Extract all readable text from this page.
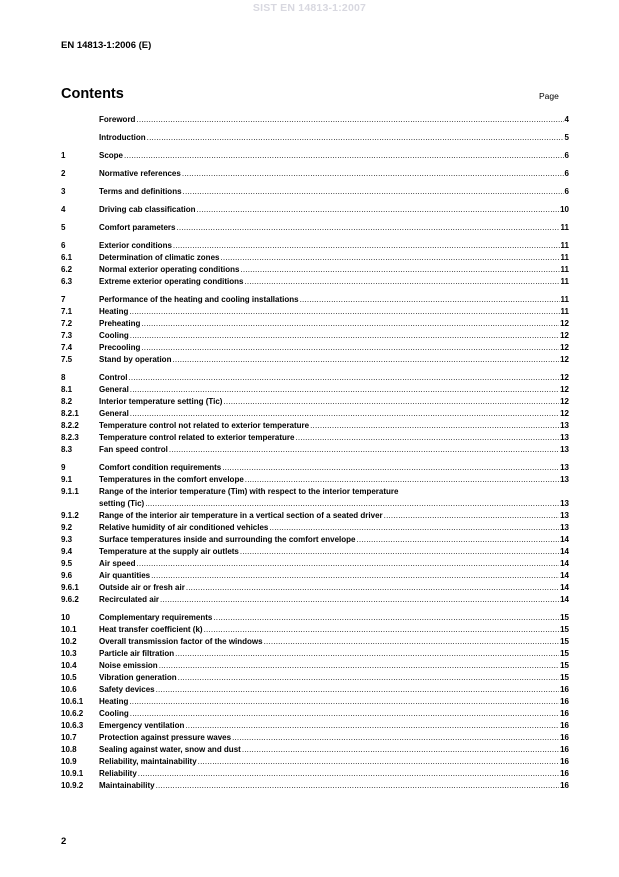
SIST EN 14813-1:2007
EN 14813-1:2006 (E)
Contents	Page
Foreword .....	4
Introduction .....	5
1	Scope .....	6
2	Normative references .....	6
3	Terms and definitions .....	6
4	Driving cab classification .....	10
5	Comfort parameters .....	11
6	Exterior conditions .....	11
6.1	Determination of climatic zones .....	11
6.2	Normal exterior operating conditions .....	11
6.3	Extreme exterior operating conditions .....	11
7	Performance of the heating and cooling installations .....	11
7.1	Heating .....	11
7.2	Preheating .....	12
7.3	Cooling .....	12
7.4	Precooling .....	12
7.5	Stand by operation .....	12
8	Control .....	12
8.1	General .....	12
8.2	Interior temperature setting (Tic) .....	12
8.2.1	General .....	12
8.2.2	Temperature control not related to exterior temperature .....	13
8.2.3	Temperature control related to exterior temperature .....	13
8.3	Fan speed control .....	13
9	Comfort condition requirements .....	13
9.1	Temperatures in the comfort envelope .....	13
9.1.1	Range of the interior temperature (Tim) with respect to the interior temperature
setting (Tic) .....	13
9.1.2	Range of the interior air temperature in a vertical section of a seated driver .....	13
9.2	Relative humidity of air conditioned vehicles .....	13
9.3	Surface temperatures inside and surrounding the comfort envelope .....	14
9.4	Temperature at the supply air outlets .....	14
9.5	Air speed .....	14
9.6	Air quantities .....	14
9.6.1	Outside air or fresh air .....	14
9.6.2	Recirculated air .....	14
10	Complementary requirements .....	15
10.1	Heat transfer coefficient (k) .....	15
10.2	Overall transmission factor of the windows .....	15
10.3	Particle air filtration .....	15
10.4	Noise emission .....	15
10.5	Vibration generation .....	15
10.6	Safety devices .....	16
10.6.1	Heating .....	16
10.6.2	Cooling .....	16
10.6.3	Emergency ventilation .....	16
10.7	Protection against pressure waves .....	16
10.8	Sealing against water, snow and dust .....	16
10.9	Reliability, maintainability .....	16
10.9.1	Reliability .....	16
10.9.2	Maintainability .....	16
2
